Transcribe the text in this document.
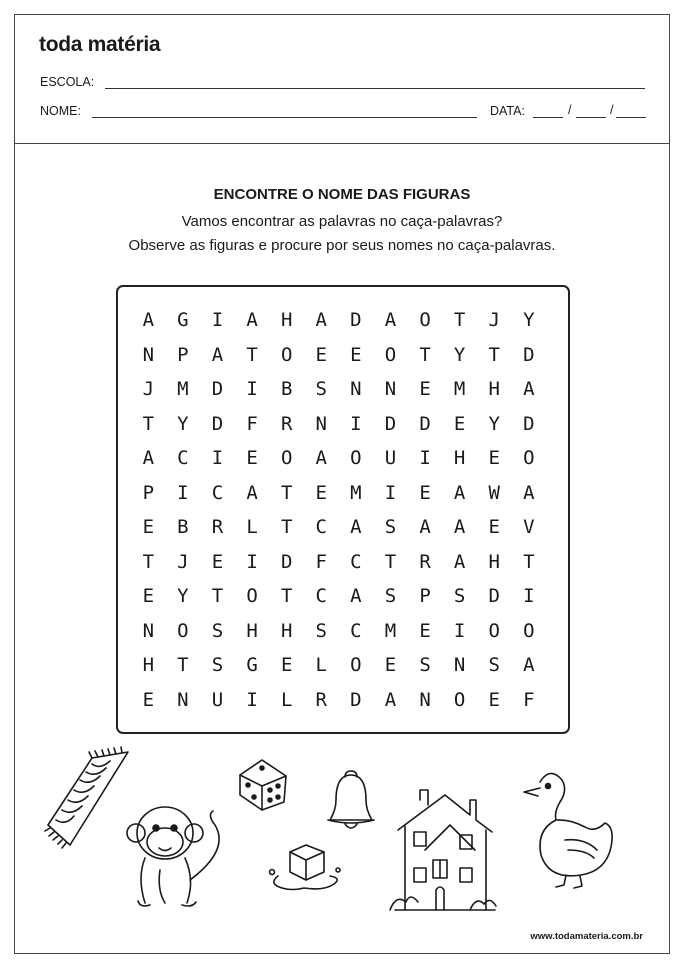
toda matéria
ESCOLA:
NOME:	DATA:	/	/
ENCONTRE O NOME DAS FIGURAS
Vamos encontrar as palavras no caça-palavras?
Observe as figuras e procure por seus nomes no caça-palavras.
A	G	I	A	H	A	D	A	O	T	J	Y
N	P	A	T	O	E	E	O	T	Y	T	D
J	M	D	I	B	S	N	N	E	M	H	A
T	Y	D	F	R	N	I	D	D	E	Y	D
A	C	I	E	O	A	O	U	I	H	E	O
P	I	C	A	T	E	M	I	E	A	W	A
E	B	R	L	T	C	A	S	A	A	E	V
T	J	E	I	D	F	C	T	R	A	H	T
E	Y	T	O	T	C	A	S	P	S	D	I
N	O	S	H	H	S	C	M	E	I	O	O
H	T	S	G	E	L	O	E	S	N	S	A
E	N	U	I	L	R	D	A	N	O	E	F
www.todamateria.com.br
